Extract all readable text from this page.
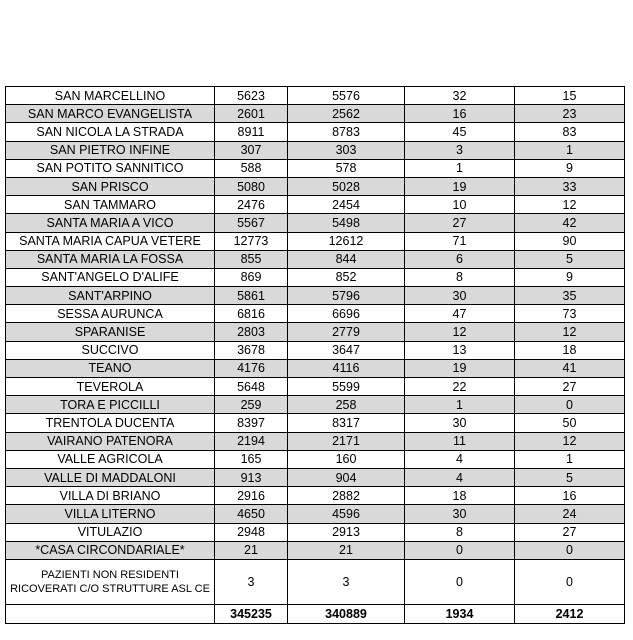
SAN MARCELLINO	5623	5576	32	15
SAN MARCO EVANGELISTA	2601	2562	16	23
SAN NICOLA LA STRADA	8911	8783	45	83
SAN PIETRO INFINE	307	303	3	1
SAN POTITO SANNITICO	588	578	1	9
SAN PRISCO	5080	5028	19	33
SAN TAMMARO	2476	2454	10	12
SANTA MARIA A VICO	5567	5498	27	42
SANTA MARIA CAPUA VETERE	12773	12612	71	90
SANTA MARIA LA FOSSA	855	844	6	5
SANT'ANGELO D'ALIFE	869	852	8	9
SANT'ARPINO	5861	5796	30	35
SESSA AURUNCA	6816	6696	47	73
SPARANISE	2803	2779	12	12
SUCCIVO	3678	3647	13	18
TEANO	4176	4116	19	41
TEVEROLA	5648	5599	22	27
TORA E PICCILLI	259	258	1	0
TRENTOLA DUCENTA	8397	8317	30	50
VAIRANO PATENORA	2194	2171	11	12
VALLE AGRICOLA	165	160	4	1
VALLE DI MADDALONI	913	904	4	5
VILLA DI BRIANO	2916	2882	18	16
VILLA LITERNO	4650	4596	30	24
VITULAZIO	2948	2913	8	27
*CASA CIRCONDARIALE*	21	21	0	0
PAZIENTI NON RESIDENTI RICOVERATI C/O STRUTTURE ASL CE	3	3	0	0
	345235	340889	1934	2412
